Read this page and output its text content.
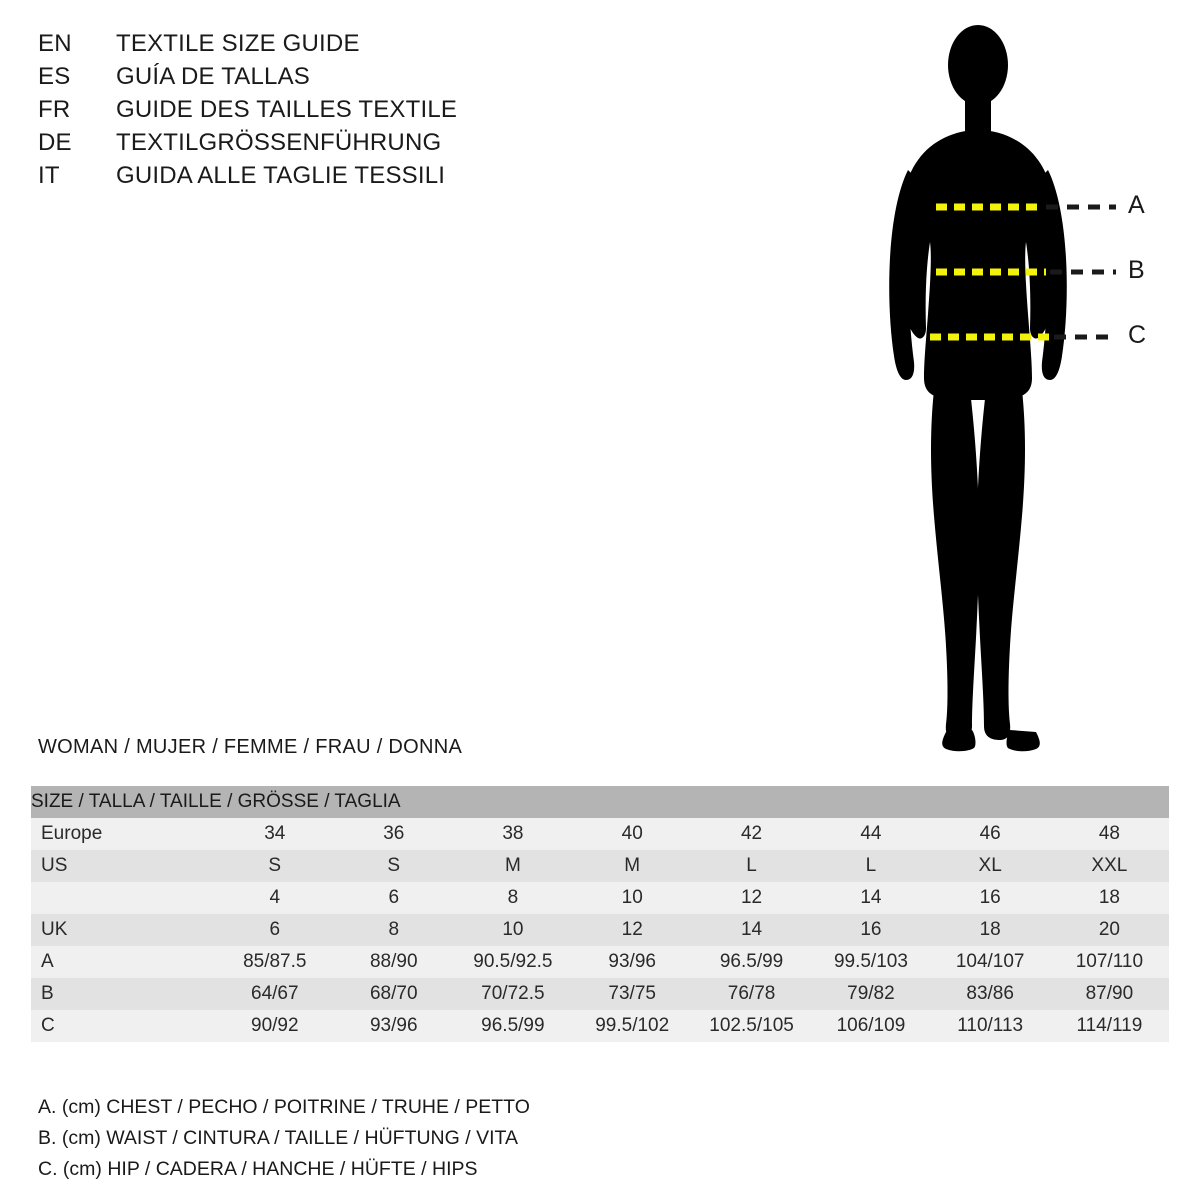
EN	TEXTILE SIZE GUIDE
ES	GUÍA DE TALLAS
FR	GUIDE DES TAILLES TEXTILE
DE	TEXTILGRÖSSENFÜHRUNG
IT	GUIDA ALLE TAGLIE TESSILI
A
B
C
WOMAN / MUJER / FEMME / FRAU / DONNA
SIZE / TALLA / TAILLE / GRÖSSE / TAGLIA								
Europe	34	36	38	40	42	44	46	48
US	S	S	M	M	L	L	XL	XXL
	4	6	8	10	12	14	16	18
UK	6	8	10	12	14	16	18	20
A	85/87.5	88/90	90.5/92.5	93/96	96.5/99	99.5/103	104/107	107/110
B	64/67	68/70	70/72.5	73/75	76/78	79/82	83/86	87/90
C	90/92	93/96	96.5/99	99.5/102	102.5/105	106/109	110/113	114/119
A. (cm) CHEST / PECHO / POITRINE / TRUHE / PETTO
B. (cm) WAIST / CINTURA / TAILLE / HÜFTUNG / VITA
C. (cm) HIP / CADERA / HANCHE / HÜFTE / HIPS
